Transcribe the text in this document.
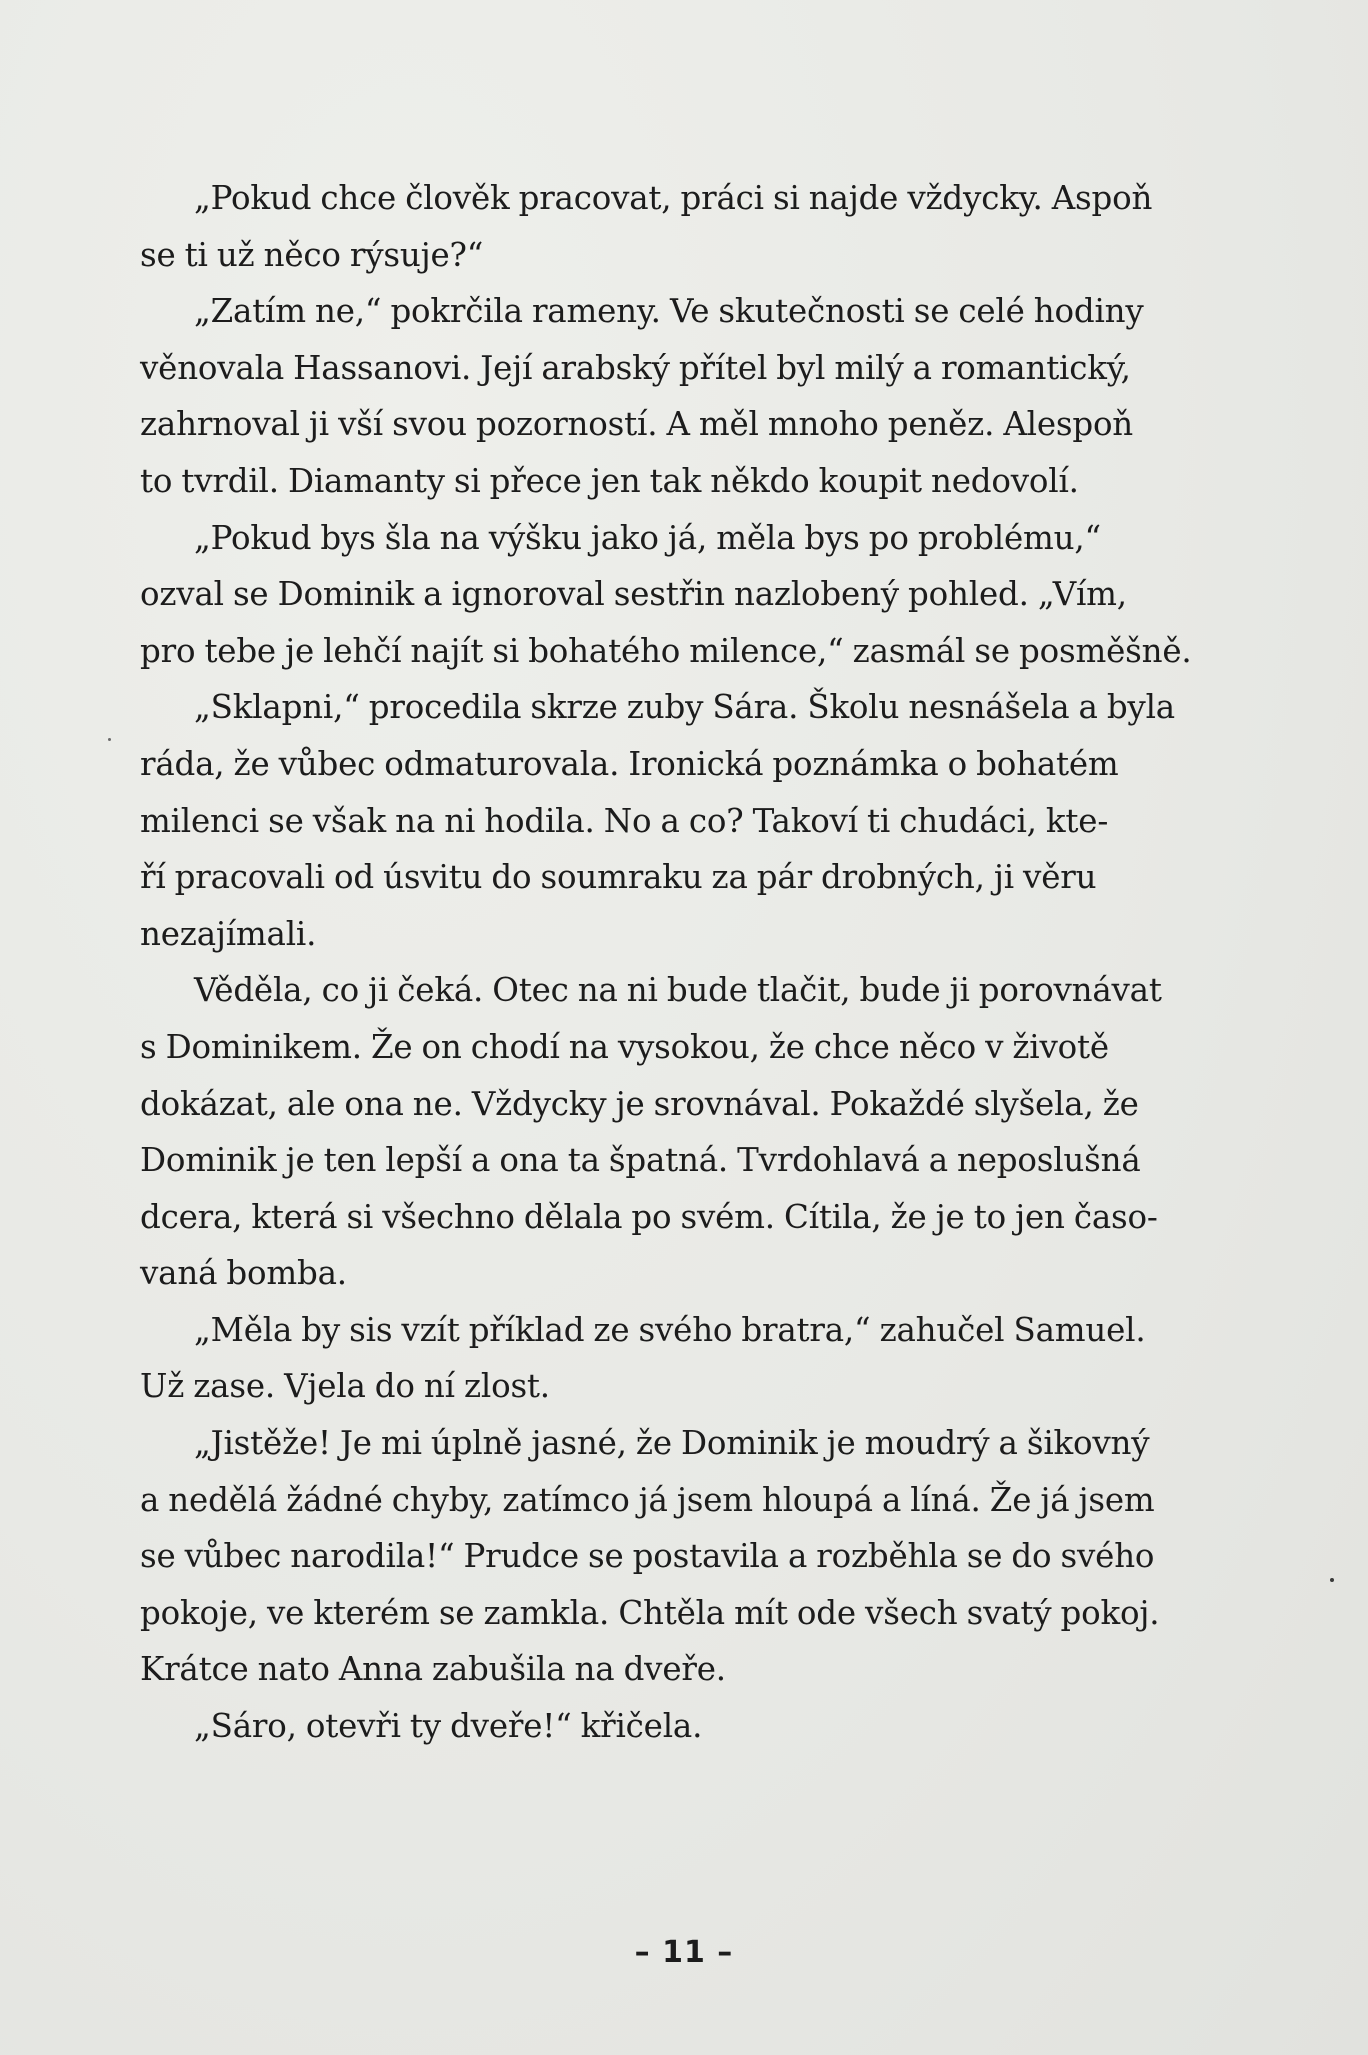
„Pokud chce člověk pracovat, práci si najde vždycky. Aspoň
se ti už něco rýsuje?“
„Zatím ne,“ pokrčila rameny. Ve skutečnosti se celé hodiny
věnovala Hassanovi. Její arabský přítel byl milý a romantický,
zahrnoval ji vší svou pozorností. A měl mnoho peněz. Alespoň
to tvrdil. Diamanty si přece jen tak někdo koupit nedovolí.
„Pokud bys šla na výšku jako já, měla bys po problému,“
ozval se Dominik a ignoroval sestřin nazlobený pohled. „Vím,
pro tebe je lehčí najít si bohatého milence,“ zasmál se posměšně.
„Sklapni,“ procedila skrze zuby Sára. Školu nesnášela a byla
ráda, že vůbec odmaturovala. Ironická poznámka o bohatém
milenci se však na ni hodila. No a co? Takoví ti chudáci, kte-
ří pracovali od úsvitu do soumraku za pár drobných, ji věru
nezajímali.
Věděla, co ji čeká. Otec na ni bude tlačit, bude ji porovnávat
s Dominikem. Že on chodí na vysokou, že chce něco v životě
dokázat, ale ona ne. Vždycky je srovnával. Pokaždé slyšela, že
Dominik je ten lepší a ona ta špatná. Tvrdohlavá a neposlušná
dcera, která si všechno dělala po svém. Cítila, že je to jen časo-
vaná bomba.
„Měla by sis vzít příklad ze svého bratra,“ zahučel Samuel.
Už zase. Vjela do ní zlost.
„Jistěže! Je mi úplně jasné, že Dominik je moudrý a šikovný
a nedělá žádné chyby, zatímco já jsem hloupá a líná. Že já jsem
se vůbec narodila!“ Prudce se postavila a rozběhla se do svého
pokoje, ve kterém se zamkla. Chtěla mít ode všech svatý pokoj.
Krátce nato Anna zabušila na dveře.
„Sáro, otevři ty dveře!“ křičela.
– 11 –
